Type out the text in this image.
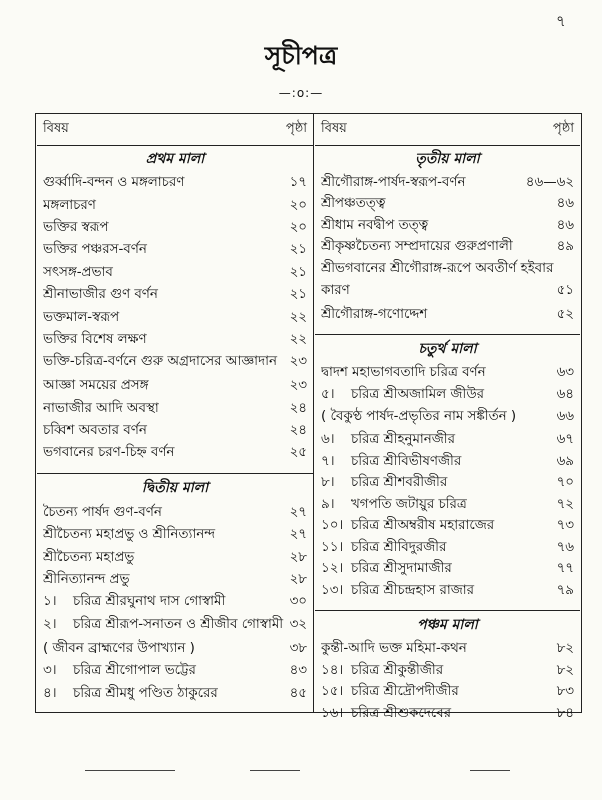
৭
সূচীপত্র
—:o:—
বিষয়	পৃষ্ঠা
প্রথম মালা
গুর্ব্বাদি-বন্দন ও মঙ্গলাচরণ	১৭
মঙ্গলাচরণ	২০
ভক্তির স্বরূপ	২০
ভক্তির পঞ্চরস-বর্ণন	২১
সৎসঙ্গ-প্রভাব	২১
শ্রীনাভাজীর গুণ বর্ণন	২১
ভক্তমাল-স্বরূপ	২২
ভক্তির বিশেষ লক্ষণ	২২
ভক্তি-চরিত্র-বর্ণনে গুরু অগ্রদাসের আজ্ঞাদান ২৩
আজ্ঞা সময়ের প্রসঙ্গ	২৩
নাভাজীর আদি অবস্থা	২৪
চব্বিশ অবতার বর্ণন	২৪
ভগবানের চরণ-চিহ্ন বর্ণন	২৫
দ্বিতীয় মালা
চৈতন্য পার্ষদ গুণ-বর্ণন	২৭
শ্রীচৈতন্য মহাপ্রভু ও শ্রীনিত্যানন্দ	২৭
শ্রীচৈতন্য মহাপ্রভু	২৮
শ্রীনিত্যানন্দ প্রভু	২৮
১। চরিত্র শ্রীরঘুনাথ দাস গোস্বামী	৩০
২। চরিত্র শ্রীরূপ-সনাতন ও শ্রীজীব গোস্বামী ৩২
( জীবন ব্রাহ্মণের উপাখ্যান )	৩৮
৩। চরিত্র শ্রীগোপাল ভট্টের	৪৩
৪। চরিত্র শ্রীমধু পণ্ডিত ঠাকুরের	৪৫
বিষয়	পৃষ্ঠা
তৃতীয় মালা
শ্রীগৌরাঙ্গ-পার্ষদ-স্বরূপ-বর্ণন	৪৬—৬২
শ্রীপঞ্চতত্ত্ব	৪৬
শ্রীধাম নবদ্বীপ তত্ত্ব	৪৬
শ্রীকৃষ্ণচৈতন্য সম্প্রদায়ের গুরুপ্রণালী	৪৯
শ্রীভগবানের শ্রীগৌরাঙ্গ-রূপে অবতীর্ণ হইবার কারণ	৫১
শ্রীগৌরাঙ্গ-গণোদ্দেশ	৫২
চতুর্থ মালা
দ্বাদশ মহাভাগবতাদি চরিত্র বর্ণন	৬৩
৫। চরিত্র শ্রীঅজামিল জীউর	৬৪
( বৈকুণ্ঠ পার্ষদ-প্রভৃতির নাম সঙ্কীর্তন )	৬৬
৬। চরিত্র শ্রীহনুমানজীর	৬৭
৭। চরিত্র শ্রীবিভীষণজীর	৬৯
৮। চরিত্র শ্রীশবরীজীর	৭০
৯। খগপতি জটায়ুর চরিত্র	৭২
১০। চরিত্র শ্রীঅম্বরীষ মহারাজের	৭৩
১১। চরিত্র শ্রীবিদুরজীর	৭৬
১২। চরিত্র শ্রীসুদামাজীর	৭৭
১৩। চরিত্র শ্রীচন্দ্রহাস রাজার	৭৯
পঞ্চম মালা
কুন্তী-আদি ভক্ত মহিমা-কথন	৮২
১৪। চরিত্র শ্রীকুন্তীজীর	৮২
১৫। চরিত্র শ্রীদ্রৌপদীজীর	৮৩
১৬। চরিত্র শ্রীশুকদেবের	৮৪
